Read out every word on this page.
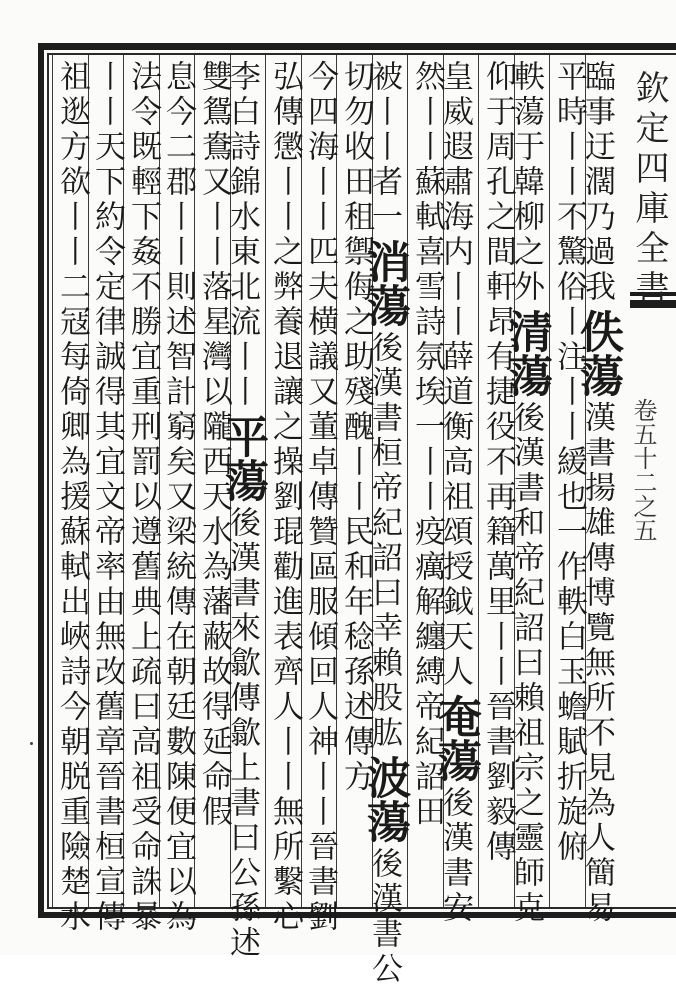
欽定四庫全書
卷五十二之五
臨事迂濶乃過我佚蕩漢書揚雄傳博覽無所不見為人簡易
平時丨丨不驚俗丨注丨丨緩也一作軼白玉蟾賦折旋俯
軼蕩于韓柳之外清蕩後漢書和帝紀詔曰賴祖宗之靈師克
仰于周孔之間軒昂有捷役不再籍萬里丨丨晉書劉毅傳
皇威遐肅海内丨丨薛道衡高祖頌授鉞天人奄蕩後漢書安
然丨丨蘇軾喜雪詩氛埃一丨丨疫癘解纏縛帝紀詔田
被丨丨者一消蕩後漢書桓帝紀詔曰幸賴股肱波蕩後漢書公
切勿收田租禦侮之助殘醜丨丨民和年稔孫述傳方
今四海丨丨匹夫横議又董卓傳贊區服傾回人神丨丨晉書劉
弘傳懲丨丨之弊養退讓之操劉琨勸進表齊人丨丨無所繫心
李白詩錦水東北流丨丨平蕩後漢書來歙傳歙上書曰公孫述
雙鴛鴦又丨丨落星灣以隴西天水為藩蔽故得延命假
息今二郡丨丨則述智計窮矣又梁統傳在朝廷數陳便宜以為
法令既輕下姦不勝宜重刑罰以遵舊典上疏曰高祖受命誅暴
丨丨天下約令定律誠得其宜文帝率由無改舊章晉書桓宣傳
祖逖方欲丨丨二冦每倚卿為援蘇軾出峽詩今朝脱重險楚水
